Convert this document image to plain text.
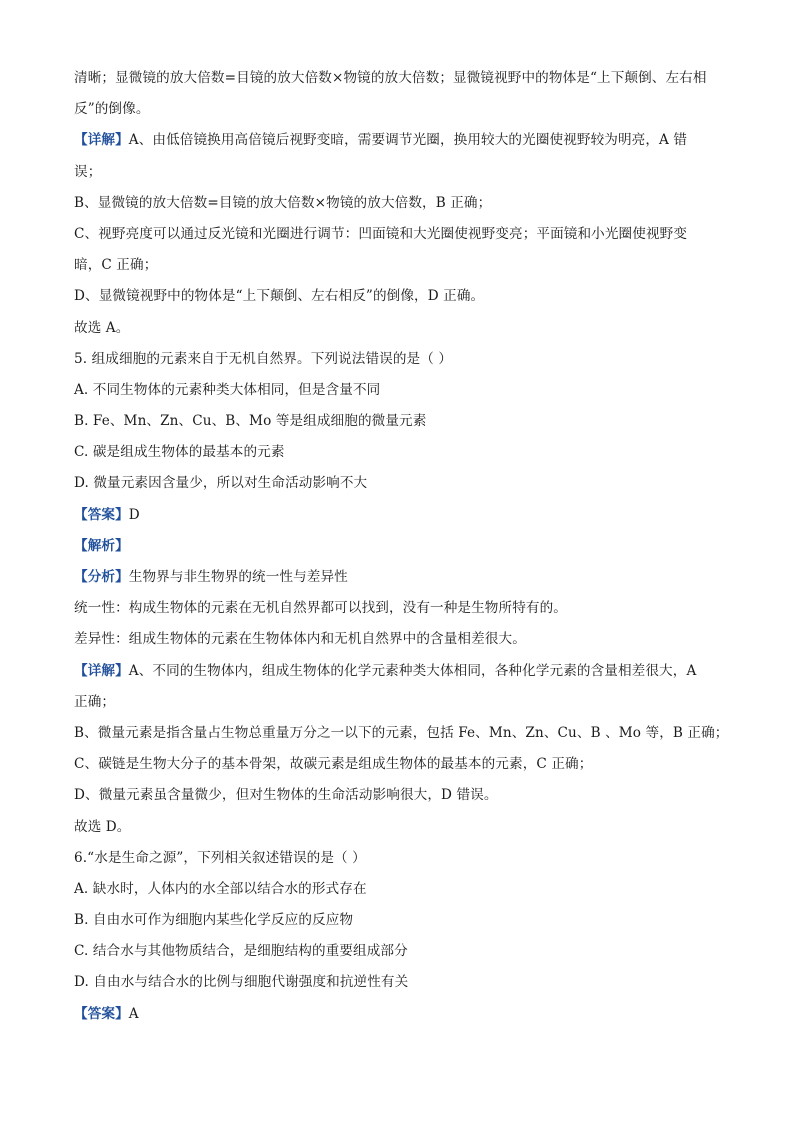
清晰；显微镜的放大倍数=目镜的放大倍数×物镜的放大倍数；显微镜视野中的物体是“上下颠倒、左右相
反”的倒像。
【详解】A、由低倍镜换用高倍镜后视野变暗，需要调节光圈，换用较大的光圈使视野较为明亮，A 错
误；
B、显微镜的放大倍数=目镜的放大倍数×物镜的放大倍数，B 正确；
C、视野亮度可以通过反光镜和光圈进行调节：凹面镜和大光圈使视野变亮；平面镜和小光圈使视野变
暗，C 正确；
D、显微镜视野中的物体是“上下颠倒、左右相反”的倒像，D 正确。
故选 A。
5. 组成细胞的元素来自于无机自然界。下列说法错误的是（ ）
A. 不同生物体的元素种类大体相同，但是含量不同
B. Fe、Mn、Zn、Cu、B、Mo 等是组成细胞的微量元素
C. 碳是组成生物体的最基本的元素
D. 微量元素因含量少，所以对生命活动影响不大
【答案】D
【解析】
【分析】生物界与非生物界的统一性与差异性
统一性：构成生物体的元素在无机自然界都可以找到，没有一种是生物所特有的。
差异性：组成生物体的元素在生物体体内和无机自然界中的含量相差很大。
【详解】A、不同的生物体内，组成生物体的化学元素种类大体相同，各种化学元素的含量相差很大，A
正确；
B、微量元素是指含量占生物总重量万分之一以下的元素，包括 Fe、Mn、Zn、Cu、B 、Mo 等，B 正确；
C、碳链是生物大分子的基本骨架，故碳元素是组成生物体的最基本的元素，C 正确；
D、微量元素虽含量微少，但对生物体的生命活动影响很大，D 错误。
故选 D。
6.“水是生命之源”，下列相关叙述错误的是（ ）
A. 缺水时，人体内的水全部以结合水的形式存在
B. 自由水可作为细胞内某些化学反应的反应物
C. 结合水与其他物质结合，是细胞结构的重要组成部分
D. 自由水与结合水的比例与细胞代谢强度和抗逆性有关
【答案】A
